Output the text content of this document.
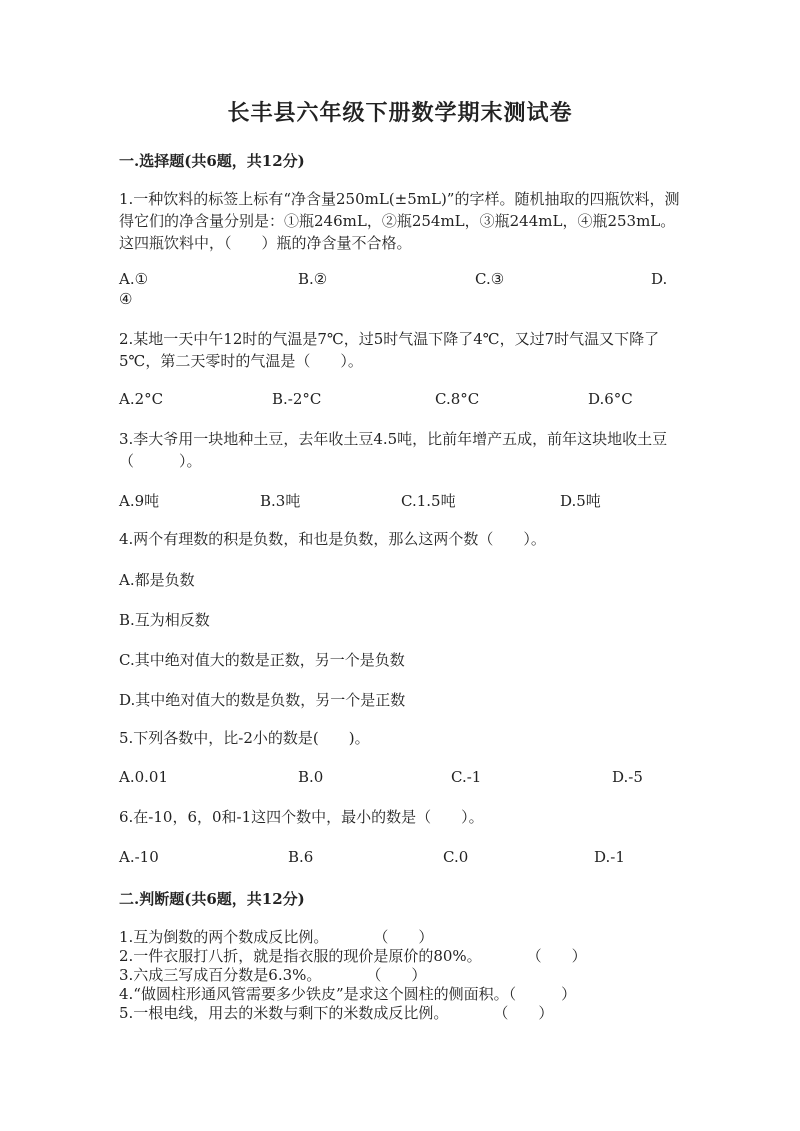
长丰县六年级下册数学期末测试卷
一.选择题(共6题，共12分)
1.一种饮料的标签上标有“净含量250mL(±5mL)”的字样。随机抽取的四瓶饮料，测得它们的净含量分别是：①瓶246mL，②瓶254mL，③瓶244mL，④瓶253mL。这四瓶饮料中，（　　）瓶的净含量不合格。
A.①	B.②	C.③	D.
④
2.某地一天中午12时的气温是7℃，过5时气温下降了4℃，又过7时气温又下降了5℃，第二天零时的气温是（　　）。
A.2°C	B.-2°C	C.8°C	D.6°C
3.李大爷用一块地种土豆，去年收土豆4.5吨，比前年增产五成，前年这块地收土豆（　　　）。
A.9吨	B.3吨	C.1.5吨	D.5吨
4.两个有理数的积是负数，和也是负数，那么这两个数（　　）。
A.都是负数
B.互为相反数
C.其中绝对值大的数是正数，另一个是负数
D.其中绝对值大的数是负数，另一个是正数
5.下列各数中，比-2小的数是(　　)。
A.0.01	B.0	C.-1	D.-5
6.在-10，6，0和-1这四个数中，最小的数是（　　）。
A.-10	B.6	C.0	D.-1
二.判断题(共6题，共12分)
1.互为倒数的两个数成反比例。　　　　（　　）
2.一件衣服打八折，就是指衣服的现价是原价的80%。　　　　（　　）
3.六成三写成百分数是6.3%。　　　　（　　）
4.“做圆柱形通风管需要多少铁皮”是求这个圆柱的侧面积。（　　　）
5.一根电线，用去的米数与剩下的米数成反比例。　　　　（　　）
